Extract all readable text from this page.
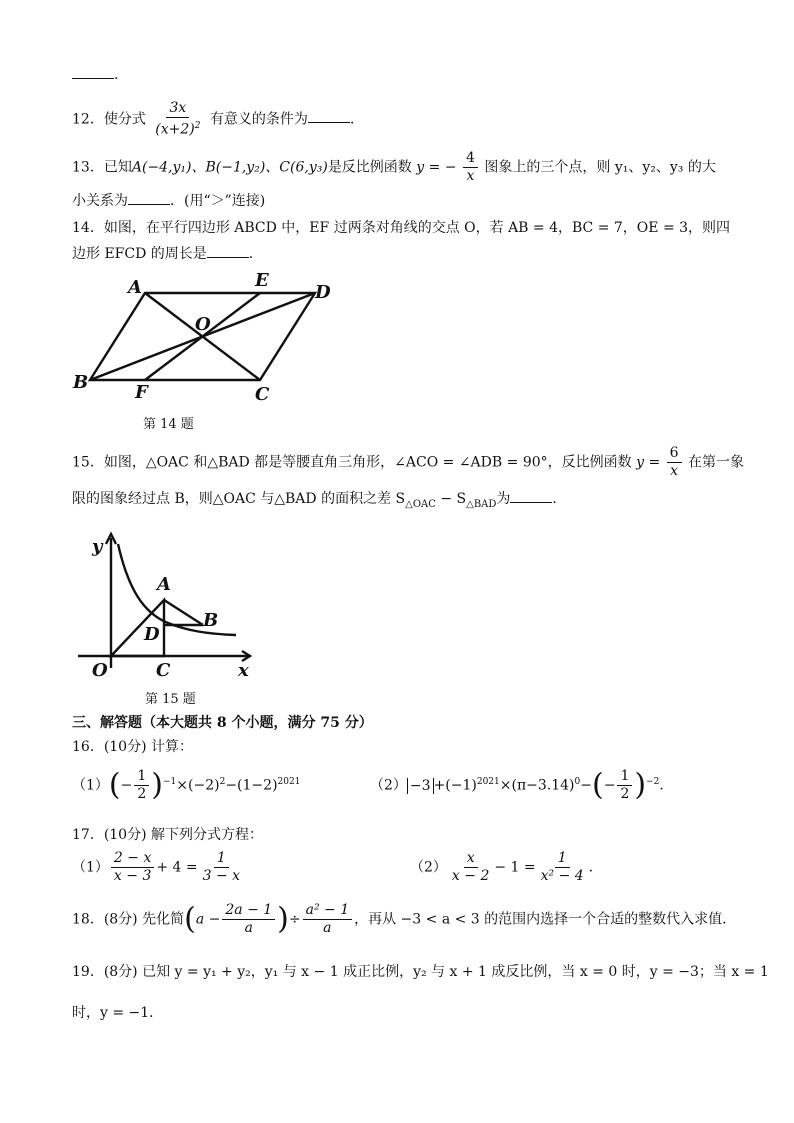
.
12．使分式 $\frac{3x}{(x+2)^2}$ 有意义的条件为	．
13．已知A(−4,y₁)、B(−1,y₂)、C(6,y₃)是反比例函数 y = − $\frac{4}{x}$ 图象上的三个点，则 y₁、y₂、y₃ 的大
小关系为	．(用“＞”连接)
14．如图，在平行四边形 ABCD 中，EF 过两条对角线的交点 O，若 AB = 4，BC = 7，OE = 3，则四
边形 EFCD 的周长是	．
A	E
D
O
B	F	C
第 14 题
15．如图，△OAC 和△BAD 都是等腰直角三角形，∠ACO = ∠ADB = 90°，反比例函数 $y = \frac{6}{x}$ 在第一象
限的图象经过点 B，则△OAC 与△BAD 的面积之差 $S_{\triangle OAC} - S_{\triangle BAD}$为	．
y
x
O
A
B
C
D
第 15 题
三、解答题（本大题共 8 个小题，满分 75 分）
16．(10分) 计算：
$(1)(- \frac{1}{2} )^{-1}\times(-2)^2-(1-2)^{2021}$	$(2) -3 +(-1)^{2021}\times(\pi-3.14)^0-(- \frac{1}{2} )^{-2}$．
17．(10分) 解下列分式方程：
$(1) \frac{2 - x}{x - 3} + 4 = \frac{1}{3 - x}$	$(2) \frac{x}{x - 2} - 1 = \frac{1}{\text{x² − 4}}$ ．
18．(8分) 先化简($a - \frac{2a - 1}{a}$ )÷ $\frac{\text{a² − 1}}{a}$ ，再从 −3 < a < 3 的范围内选择一个合适的整数代入求值．
19．(8分) 已知 y = y₁ + y₂，y₁ 与 x − 1 成正比例，y₂ 与 x + 1 成反比例，当 x = 0 时，y = −3；当 x = 1
时，y = −1．
